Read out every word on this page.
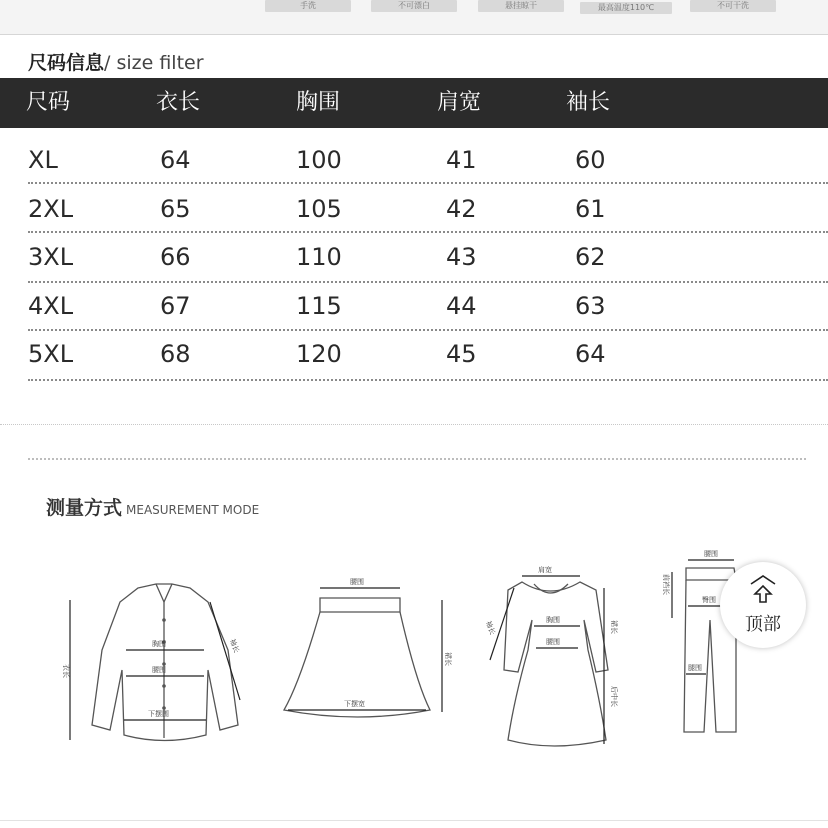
手洗	不可漂白	悬挂晾干	最高温度110℃	不可干洗
尺码信息/ size filter
尺码	衣长	胸围	肩宽	袖长
XL	64	100	41	60
2XL	65	105	42	61
3XL	66	110	43	62
4XL	67	115	44	63
5XL	68	120	45	64
测量方式 MEASUREMENT MODE
胸围
腰围
下摆围
衣长
袖长
腰围
下摆宽
裙长
肩宽
胸围
腰围
袖长	裙长
后中长
腰围
前裆长
臀围
腿围
顶部
